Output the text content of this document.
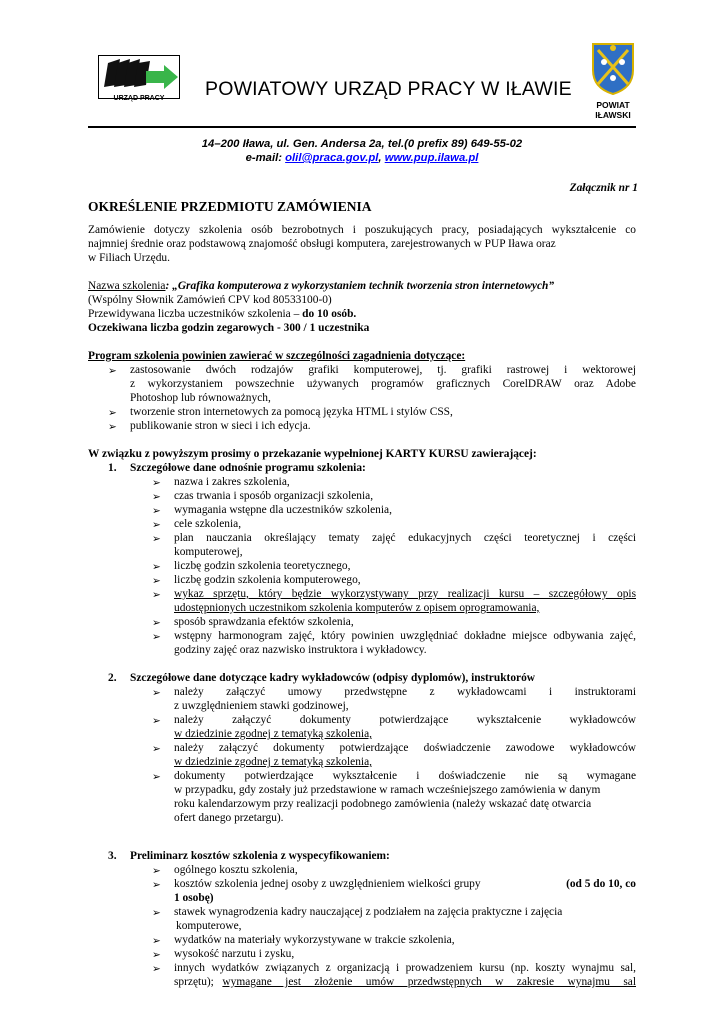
URZĄD PRACY	POWIATOWY URZĄD PRACY W IŁAWIE
POWIAT
IŁAWSKI
14–200 Iława, ul. Gen. Andersa 2a, tel.(0 prefix 89) 649-55-02
e-mail: olil@praca.gov.pl, www.pup.ilawa.pl
Załącznik nr 1
OKREŚLENIE PRZEDMIOTU ZAMÓWIENIA
Zamówienie dotyczy szkolenia osób bezrobotnych i poszukujących pracy, posiadających wykształcenie co
najmniej średnie oraz podstawową znajomość obsługi komputera, zarejestrowanych w PUP Iława oraz
w Filiach Urzędu.
Nazwa szkolenia: „Grafika komputerowa z wykorzystaniem technik tworzenia stron internetowych”
(Wspólny Słownik Zamówień CPV kod 80533100-0)
Przewidywana liczba uczestników szkolenia – do 10 osób.
Oczekiwana liczba godzin zegarowych - 300 / 1 uczestnika
Program szkolenia powinien zawierać w szczególności zagadnienia dotyczące:
➢ zastosowanie dwóch rodzajów grafiki komputerowej, tj. grafiki rastrowej i wektorowej
z wykorzystaniem powszechnie używanych programów graficznych CorelDRAW oraz Adobe
Photoshop lub równoważnych,
➢ tworzenie stron internetowych za pomocą języka HTML i stylów CSS,
➢ publikowanie stron w sieci i ich edycja.
W związku z powyższym prosimy o przekazanie wypełnionej KARTY KURSU zawierającej:
1. Szczegółowe dane odnośnie programu szkolenia:
➢ nazwa i zakres szkolenia,
➢ czas trwania i sposób organizacji szkolenia,
➢ wymagania wstępne dla uczestników szkolenia,
➢ cele szkolenia,
➢ plan nauczania określający tematy zajęć edukacyjnych części teoretycznej i części
komputerowej,
➢ liczbę godzin szkolenia teoretycznego,
➢ liczbę godzin szkolenia komputerowego,
➢ wykaz sprzętu, który będzie wykorzystywany przy realizacji kursu – szczegółowy opis
udostępnionych uczestnikom szkolenia komputerów z opisem oprogramowania,
➢ sposób sprawdzania efektów szkolenia,
➢ wstępny harmonogram zajęć, który powinien uwzględniać dokładne miejsce odbywania zajęć,
godziny zajęć oraz nazwisko instruktora i wykładowcy.
2. Szczegółowe dane dotyczące kadry wykładowców (odpisy dyplomów), instruktorów
➢ należy załączyć umowy przedwstępne z wykładowcami i instruktorami
z uwzględnieniem stawki godzinowej,
➢ należy załączyć dokumenty potwierdzające wykształcenie wykładowców
w dziedzinie zgodnej z tematyką szkolenia,
➢ należy załączyć dokumenty potwierdzające doświadczenie zawodowe wykładowców
w dziedzinie zgodnej z tematyką szkolenia,
➢ dokumenty potwierdzające wykształcenie i doświadczenie nie są wymagane
w przypadku, gdy zostały już przedstawione w ramach wcześniejszego zamówienia w danym
roku kalendarzowym przy realizacji podobnego zamówienia (należy wskazać datę otwarcia
ofert danego przetargu).
3. Preliminarz kosztów szkolenia z wyspecyfikowaniem:
➢ ogólnego kosztu szkolenia,
➢ kosztów szkolenia jednej osoby z uwzględnieniem wielkości grupy	(od 5 do 10, co
1 osobę)
➢ stawek wynagrodzenia kadry nauczającej z podziałem na zajęcia praktyczne i zajęcia
komputerowe,
➢ wydatków na materiały wykorzystywane w trakcie szkolenia,
➢ wysokość narzutu i zysku,
➢ innych wydatków związanych z organizacją i prowadzeniem kursu (np. koszty wynajmu sal,
sprzętu); wymagane jest złożenie umów przedwstępnych w zakresie wynajmu sal
